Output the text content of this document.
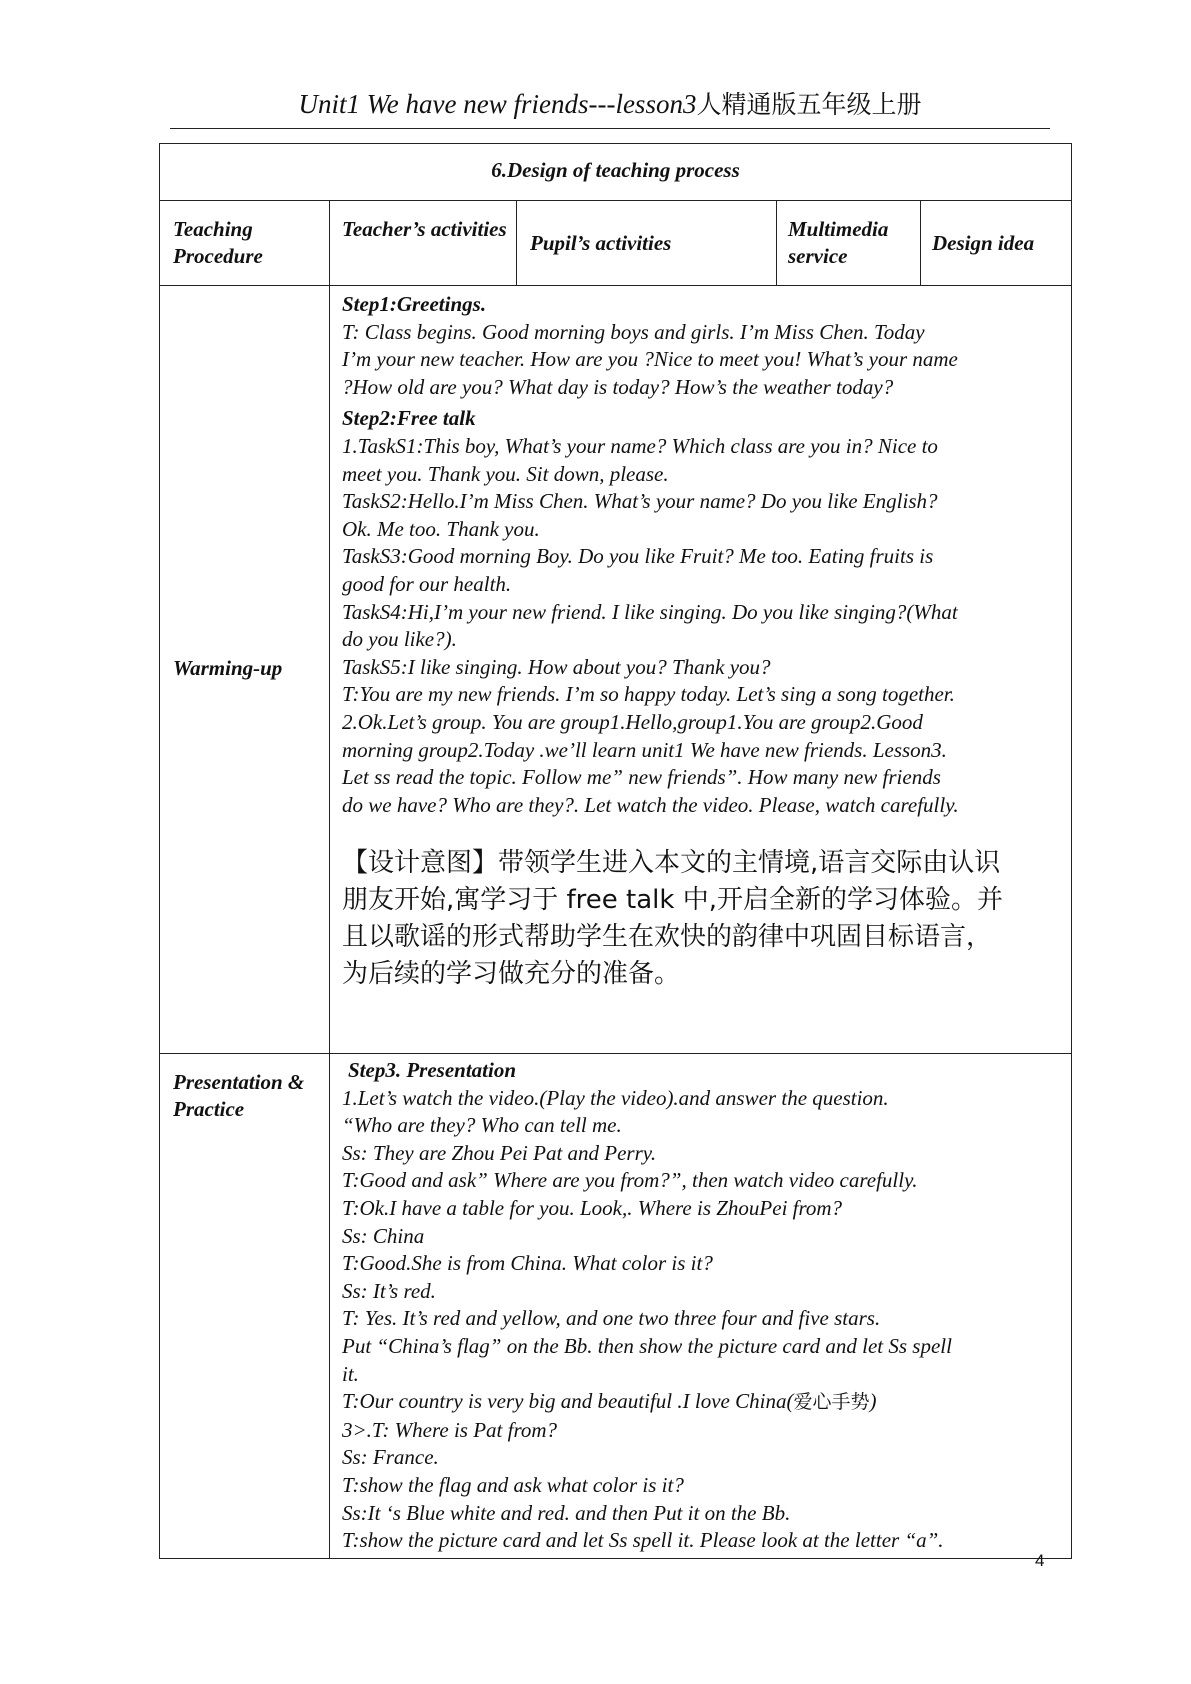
Unit1 We have new friends---lesson3人精通版五年级上册
6.Design of teaching process
Teaching Procedure
Teacher’s activities
Pupil’s activities
Multimedia service
Design idea
Warming-up
Step1:Greetings.
T: Class begins. Good morning boys and girls. I’m Miss Chen. Today
I’m your new teacher. How are you ?Nice to meet you! What’s your name
?How old are you? What day is today? How’s the weather today?
Step2:Free talk
1.TaskS1:This boy, What’s your name? Which class are you in? Nice to
meet you. Thank you. Sit down, please.
TaskS2:Hello.I’m Miss Chen. What’s your name? Do you like English?
Ok. Me too. Thank you.
TaskS3:Good morning Boy. Do you like Fruit? Me too. Eating fruits is
good for our health.
TaskS4:Hi,I’m your new friend. I like singing. Do you like singing?(What
do you like?).
TaskS5:I like singing. How about you? Thank you?
T:You are my new friends. I’m so happy today. Let’s sing a song together.
2.Ok.Let’s group. You are group1.Hello,group1.You are group2.Good
morning group2.Today .we’ll learn unit1 We have new friends. Lesson3.
Let ss read the topic. Follow me” new friends”. How many new friends
do we have? Who are they?. Let watch the video. Please, watch carefully.
【设计意图】带领学生进入本文的主情境,语言交际由认识
朋友开始,寓学习于 free talk 中,开启全新的学习体验。并
且以歌谣的形式帮助学生在欢快的韵律中巩固目标语言，
为后续的学习做充分的准备。
Presentation & Practice
Step3. Presentation
1.Let’s watch the video.(Play the video).and answer the question.
“Who are they? Who can tell me.
Ss: They are Zhou Pei Pat and Perry.
T:Good and ask” Where are you from?”, then watch video carefully.
T:Ok.I have a table for you. Look,. Where is ZhouPei from?
Ss: China
T:Good.She is from China. What color is it?
Ss: It’s red.
T: Yes. It’s red and yellow, and one two three four and five stars.
Put “China’s flag” on the Bb. then show the picture card and let Ss spell
it.
T:Our country is very big and beautiful .I love China(爱心手势)
3>.T: Where is Pat from?
Ss: France.
T:show the flag and ask what color is it?
Ss:It ‘s Blue white and red. and then Put it on the Bb.
T:show the picture card and let Ss spell it. Please look at the letter “a”.
4
